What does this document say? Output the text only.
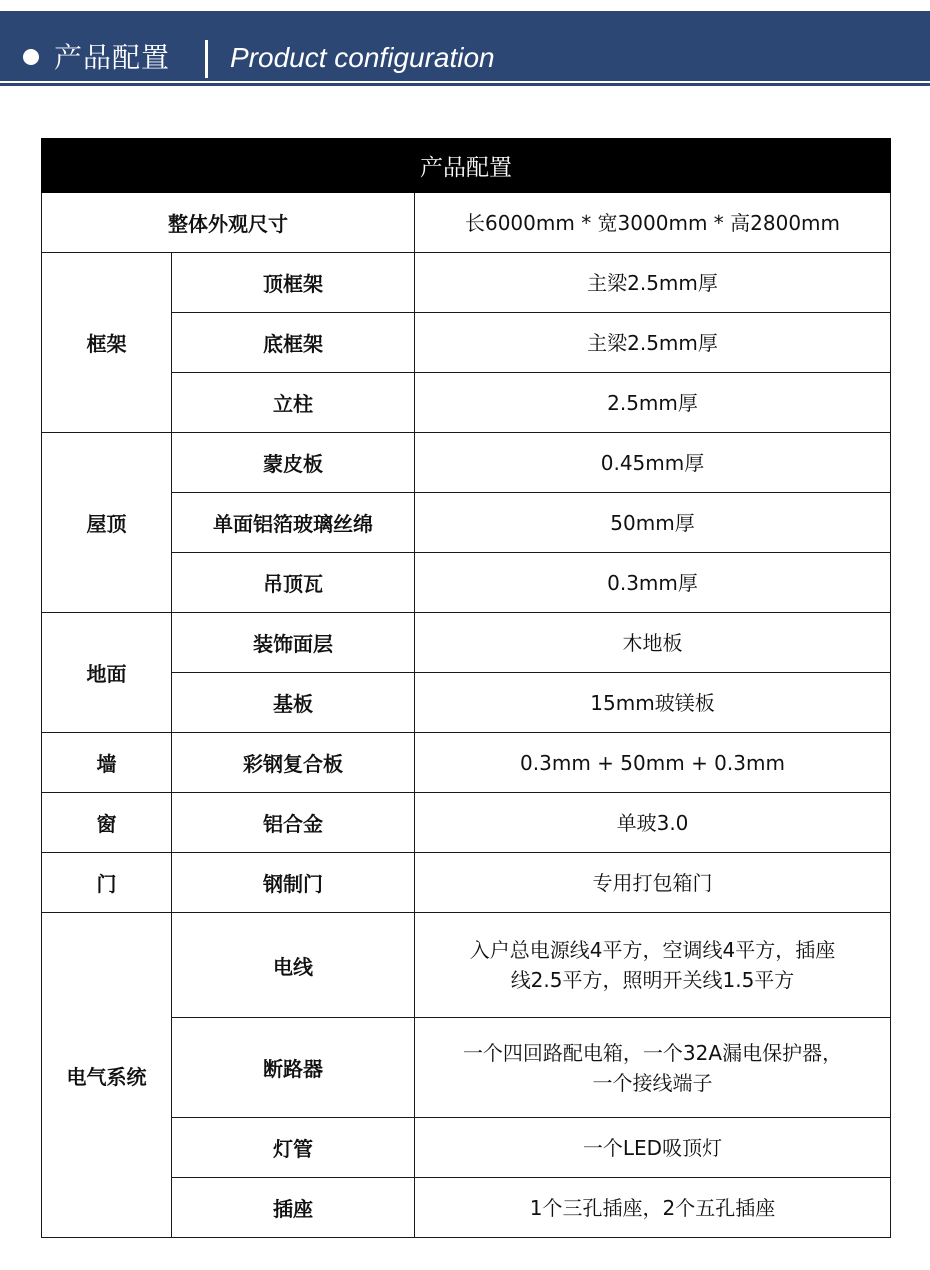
产品配置 Product configuration
产品配置		
整体外观尺寸		长6000mm * 宽3000mm * 高2800mm
框架	顶框架	主梁2.5mm厚
	底框架	主梁2.5mm厚
	立柱	2.5mm厚
屋顶	蒙皮板	0.45mm厚
	单面铝箔玻璃丝绵	50mm厚
	吊顶瓦	0.3mm厚
地面	装饰面层	木地板
	基板	15mm玻镁板
墙	彩钢复合板	0.3mm + 50mm + 0.3mm
窗	铝合金	单玻3.0
门	钢制门	专用打包箱门
电气系统	电线	入户总电源线4平方，空调线4平方，插座
线2.5平方，照明开关线1.5平方

	断路器	一个四回路配电箱，一个32A漏电保护器，
一个接线端子

	灯管	一个LED吸顶灯
	插座	1个三孔插座，2个五孔插座
